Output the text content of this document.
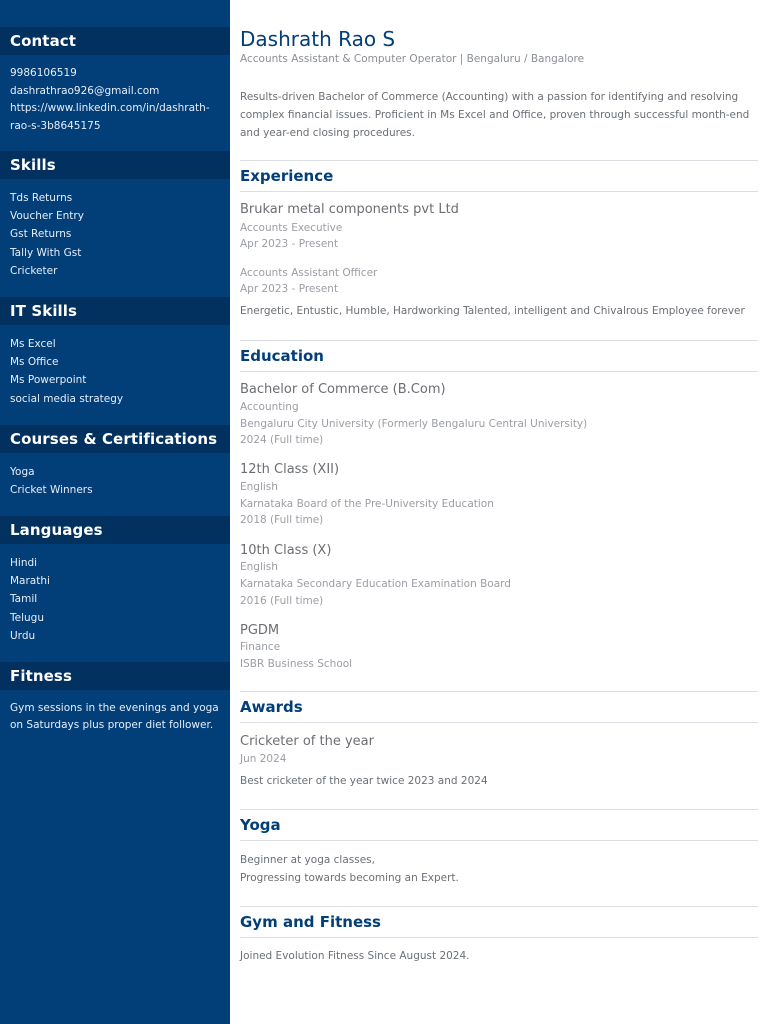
Contact
9986106519
dashrathrao926@gmail.com
https://www.linkedin.com/in/dashrath-
rao-s-3b8645175
Skills
Tds Returns
Voucher Entry
Gst Returns
Tally With Gst
Cricketer
IT Skills
Ms Excel
Ms Office
Ms Powerpoint
social media strategy
Courses & Certifications
Yoga
Cricket Winners
Languages
Hindi
Marathi
Tamil
Telugu
Urdu
Fitness
Gym sessions in the evenings and yoga
on Saturdays plus proper diet follower.
Dashrath Rao S
Accounts Assistant & Computer Operator | Bengaluru / Bangalore
Results-driven Bachelor of Commerce (Accounting) with a passion for identifying and resolving
complex financial issues. Proficient in Ms Excel and Office, proven through successful month-end
and year-end closing procedures.
Experience
Brukar metal components pvt Ltd
Accounts Executive
Apr 2023 - Present
Accounts Assistant Officer
Apr 2023 - Present
Energetic, Entustic, Humble, Hardworking Talented, intelligent and Chivalrous Employee forever
Education
Bachelor of Commerce (B.Com)
Accounting
Bengaluru City University (Formerly Bengaluru Central University)
2024 (Full time)
12th Class (XII)
English
Karnataka Board of the Pre-University Education
2018 (Full time)
10th Class (X)
English
Karnataka Secondary Education Examination Board
2016 (Full time)
PGDM
Finance
ISBR Business School
Awards
Cricketer of the year
Jun 2024
Best cricketer of the year twice 2023 and 2024
Yoga
Beginner at yoga classes,
Progressing towards becoming an Expert.
Gym and Fitness
Joined Evolution Fitness Since August 2024.
